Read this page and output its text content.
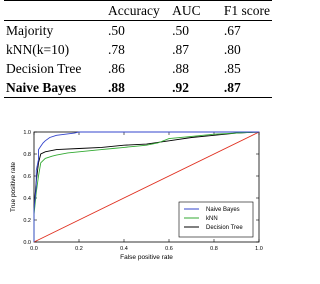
	Accuracy	AUC	F1 score
Majority	.50	.50	.67
kNN(k=10)	.78	.87	.80
Decision Tree	.86	.88	.85
Naive Bayes	.88	.92	.87
0.0	0.2	0.4	0.6	0.8	1.0
0.0
0.2
0.4
0.6
0.8
1.0
Naive Bayes
kNN
Decision Tree
True positive rate
False positive rate
